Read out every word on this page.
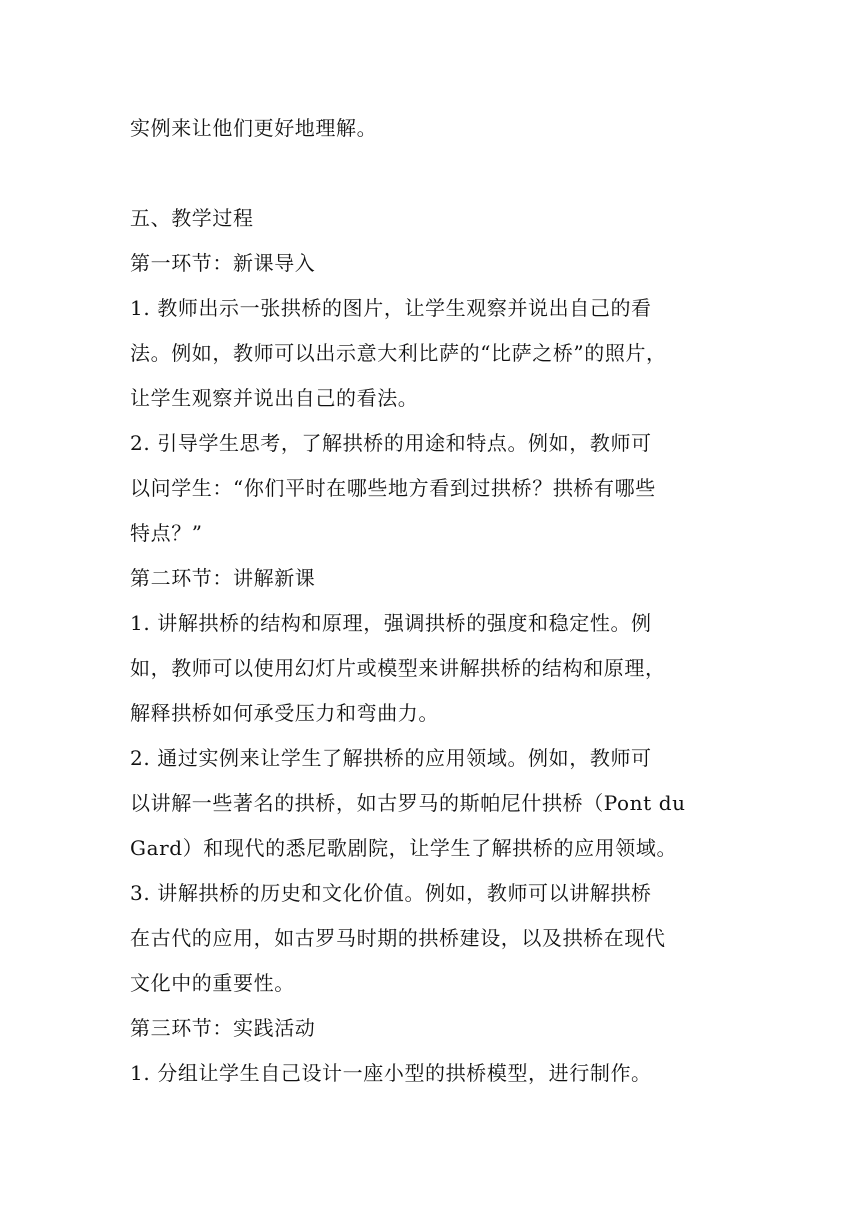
实例来让他们更好地理解。
五、教学过程
第一环节：新课导入
1. 教师出示一张拱桥的图片，让学生观察并说出自己的看
法。例如，教师可以出示意大利比萨的“比萨之桥”的照片，
让学生观察并说出自己的看法。
2. 引导学生思考，了解拱桥的用途和特点。例如，教师可
以问学生：“你们平时在哪些地方看到过拱桥？拱桥有哪些
特点？”
第二环节：讲解新课
1. 讲解拱桥的结构和原理，强调拱桥的强度和稳定性。例
如，教师可以使用幻灯片或模型来讲解拱桥的结构和原理，
解释拱桥如何承受压力和弯曲力。
2. 通过实例来让学生了解拱桥的应用领域。例如，教师可
以讲解一些著名的拱桥，如古罗马的斯帕尼什拱桥（Pont du
Gard）和现代的悉尼歌剧院，让学生了解拱桥的应用领域。
3. 讲解拱桥的历史和文化价值。例如，教师可以讲解拱桥
在古代的应用，如古罗马时期的拱桥建设，以及拱桥在现代
文化中的重要性。
第三环节：实践活动
1. 分组让学生自己设计一座小型的拱桥模型，进行制作。
